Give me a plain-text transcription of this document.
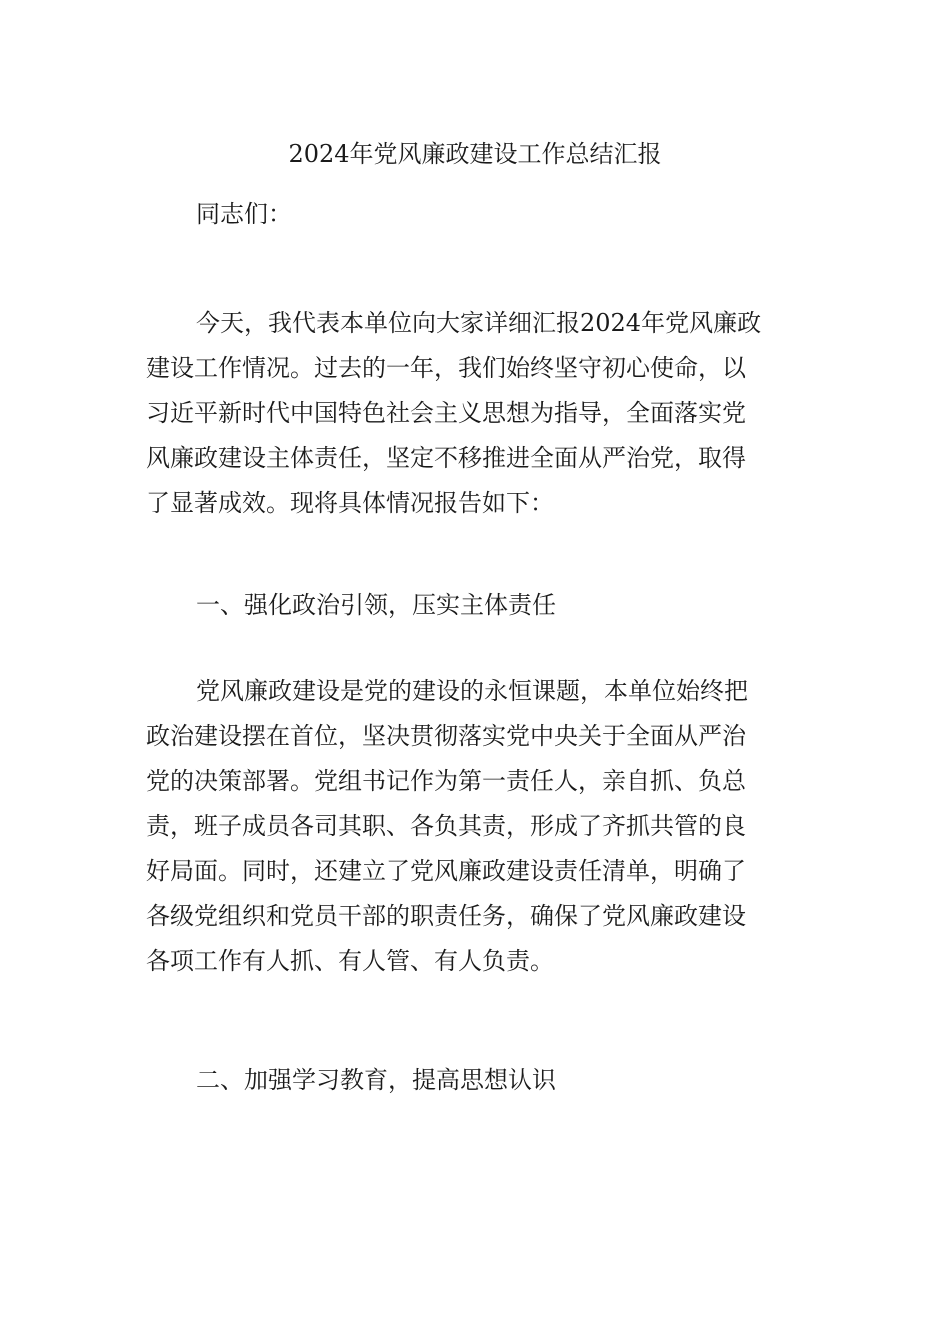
2024年党风廉政建设工作总结汇报

同志们：

今天，我代表本单位向大家详细汇报2024年党风廉政
建设工作情况。过去的一年，我们始终坚守初心使命，以
习近平新时代中国特色社会主义思想为指导，全面落实党
风廉政建设主体责任，坚定不移推进全面从严治党，取得
了显著成效。现将具体情况报告如下：

一、强化政治引领，压实主体责任

党风廉政建设是党的建设的永恒课题，本单位始终把
政治建设摆在首位，坚决贯彻落实党中央关于全面从严治
党的决策部署。党组书记作为第一责任人，亲自抓、负总
责，班子成员各司其职、各负其责，形成了齐抓共管的良
好局面。同时，还建立了党风廉政建设责任清单，明确了
各级党组织和党员干部的职责任务，确保了党风廉政建设
各项工作有人抓、有人管、有人负责。

二、加强学习教育，提高思想认识
